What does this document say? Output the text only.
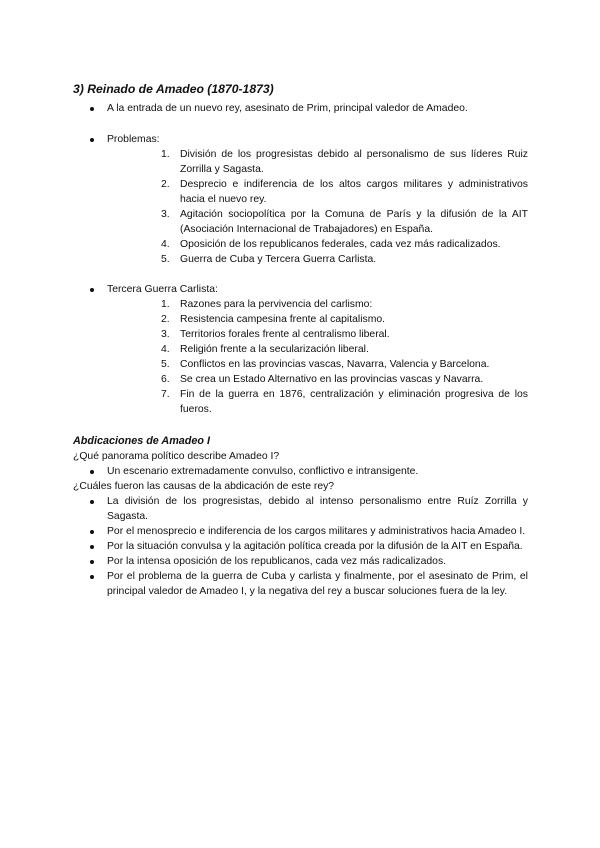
3) Reinado de Amadeo (1870-1873)
A la entrada de un nuevo rey, asesinato de Prim, principal valedor de Amadeo.
Problemas:
1. División de los progresistas debido al personalismo de sus líderes Ruiz Zorrilla y Sagasta.
2. Desprecio e indiferencia de los altos cargos militares y administrativos hacia el nuevo rey.
3. Agitación sociopolítica por la Comuna de París y la difusión de la AIT (Asociación Internacional de Trabajadores) en España.
4. Oposición de los republicanos federales, cada vez más radicalizados.
5. Guerra de Cuba y Tercera Guerra Carlista.
Tercera Guerra Carlista:
1. Razones para la pervivencia del carlismo:
2. Resistencia campesina frente al capitalismo.
3. Territorios forales frente al centralismo liberal.
4. Religión frente a la secularización liberal.
5. Conflictos en las provincias vascas, Navarra, Valencia y Barcelona.
6. Se crea un Estado Alternativo en las provincias vascas y Navarra.
7. Fin de la guerra en 1876, centralización y eliminación progresiva de los fueros.
Abdicaciones de Amadeo I

¿Qué panorama político describe Amadeo I?

Un escenario extremadamente convulso, conflictivo e intransigente.

¿Cuáles fueron las causas de la abdicación de este rey?

La división de los progresistas, debido al intenso personalismo entre Ruíz Zorrilla y Sagasta.
Por el menosprecio e indiferencia de los cargos militares y administrativos hacia Amadeo I.
Por la situación convulsa y la agitación política creada por la difusión de la AIT en España.
Por la intensa oposición de los republicanos, cada vez más radicalizados.
Por el problema de la guerra de Cuba y carlista y finalmente, por el asesinato de Prim, el principal valedor de Amadeo I, y la negativa del rey a buscar soluciones fuera de la ley.
